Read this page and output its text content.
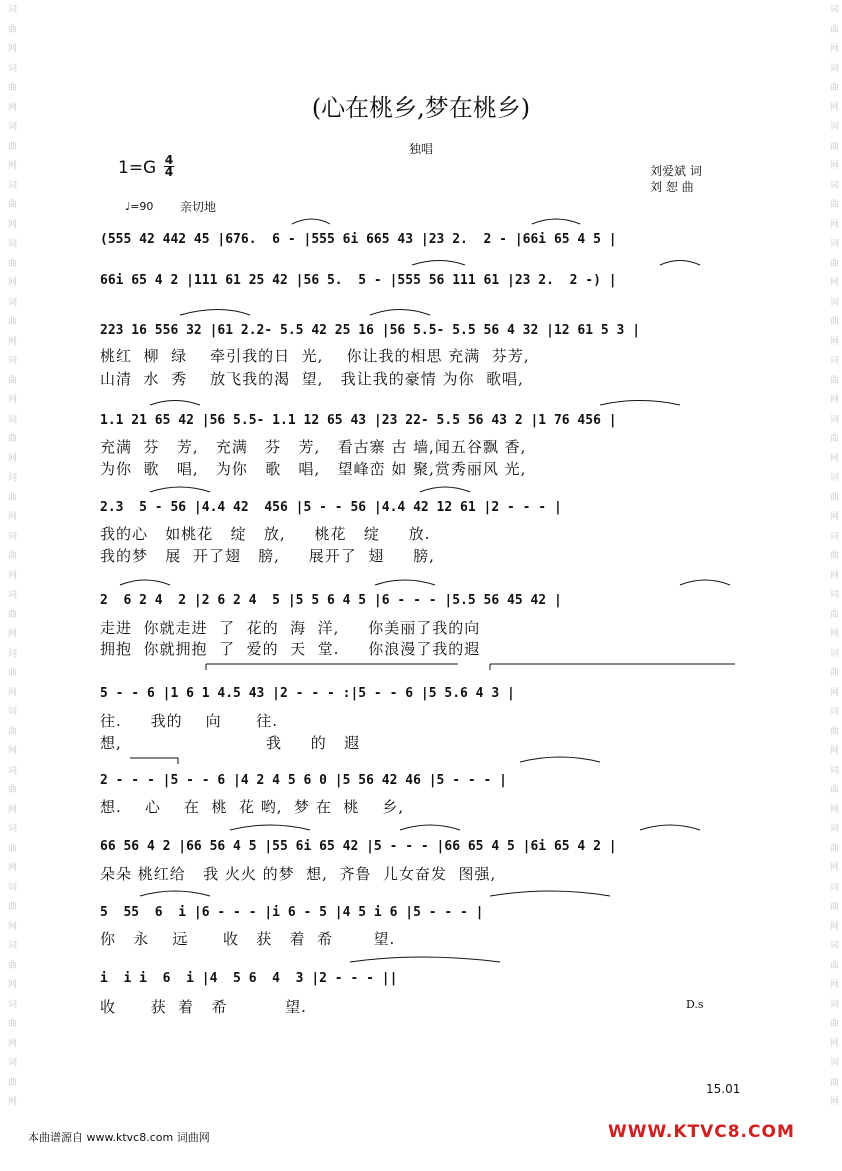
词
曲
网
词
曲
网
词
曲
网
词
曲
网
词
曲
网
词
曲
网
词
曲
网
词
曲
网
词
曲
网
词
曲
网
词
曲
网
词
曲
网
词
曲
网
词
曲
网
词
曲
网
词
曲
网
词
曲
网
词
曲
网
词
曲
网
词
曲
网
词
曲
网
词
曲
网
词
曲
网
词
曲
网
词
曲
网
词
曲
网
词
曲
网
词
曲
网
词
曲
网
词
曲
网
词
曲
网
词
曲
网
词
曲
网
词
曲
网
词
曲
网
词
曲
网
词
曲
网
词
曲
网
(心在桃乡,梦在桃乡)
独唱
1=G 4
4	刘爱斌 词
刘 恕 曲
♩=90 亲切地
(555 42 442 45 |676.  6 - |555 6i 665 43 |23 2.  2 - |66i 65 4 5 |
66i 65 4 2 |111 61 25 42 |56 5.  5 - |555 56 111 61 |23 2.  2 -) |
223 16 556 32 |61 2.2- 5.5 42 25 16 |56 5.5- 5.5 56 4 32 |12 61 5 3 |
桃红  柳  绿    牵引我的日  光,    你让我的相思 充满  芬芳,
山清  水  秀    放飞我的渴  望,   我让我的豪情 为你  歌唱,
1.1 21 65 42 |56 5.5- 1.1 12 65 43 |23 22- 5.5 56 43 2 |1 76 456 |
充满  芬   芳,   充满   芬   芳,   看古寨 古 墙,闻五谷飘 香,
为你  歌   唱,   为你   歌   唱,   望峰峦 如 聚,赏秀丽风 光,
2.3  5 - 56 |4.4 42  456 |5 - - 56 |4.4 42 12 61 |2 - - - |
我的心   如桃花   绽   放,     桃花   绽     放.
我的梦   展  开了翅   膀,     展开了  翅     膀,
2  6 2 4  2 |2 6 2 4  5 |5 5 6 4 5 |6 - - - |5.5 56 45 42 |
走进  你就走进  了  花的  海  洋,     你美丽了我的向
拥抱  你就拥抱  了  爱的  天  堂.     你浪漫了我的遐
5 - - 6 |1 6 1 4.5 43 |2 - - - :|5 - - 6 |5 5.6 4 3 |
往.     我的    向      往.
想,                         我     的   遐
2 - - - |5 - - 6 |4 2 4 5 6 0 |5 56 42 46 |5 - - - |
想.    心    在  桃  花 哟,  梦 在  桃    乡,
66 56 4 2 |66 56 4 5 |55 6i 65 42 |5 - - - |66 65 4 5 |6i 65 4 2 |
朵朵 桃红给   我 火火 的梦  想,  齐鲁  儿女奋发  图强,
5  55  6  i |6 - - - |i 6 - 5 |4 5 i 6 |5 - - - |
你   永    远      收   获   着  希       望.
i  i i  6  i |4  5 6  4  3 |2 - - - ||
收      获  着   希          望.	D.s
15.01
本曲谱源自 www.ktvc8.com 词曲网	WWW.KTVC8.COM
